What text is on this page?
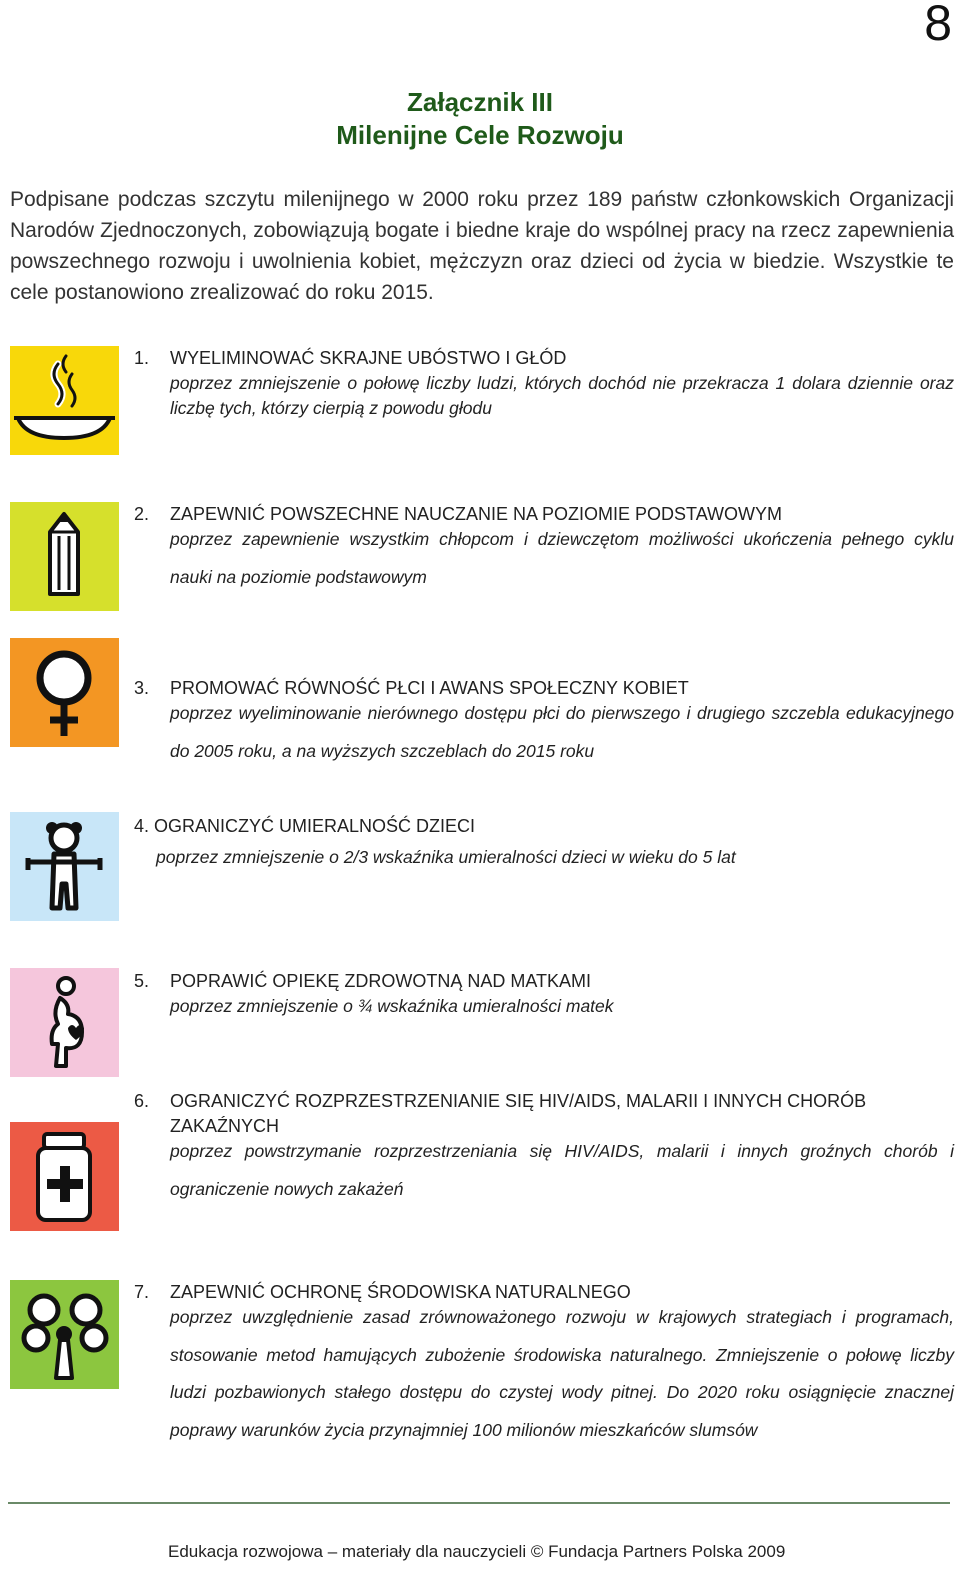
8
Załącznik III
Milenijne Cele Rozwoju
Podpisane podczas szczytu milenijnego w 2000 roku przez 189 państw członkowskich Organizacji Narodów Zjednoczonych, zobowiązują bogate i biedne kraje do wspólnej pracy na rzecz zapewnienia powszechnego rozwoju i uwolnienia kobiet, mężczyzn oraz dzieci od życia w biedzie. Wszystkie te cele postanowiono zrealizować do roku 2015.
1. WYELIMINOWAĆ SKRAJNE UBÓSTWO I GŁÓD
poprzez zmniejszenie o połowę liczby ludzi, których dochód nie przekracza 1 dolara dziennie oraz liczbę tych, którzy cierpią z powodu głodu
2. ZAPEWNIĆ POWSZECHNE NAUCZANIE NA POZIOMIE PODSTAWOWYM
poprzez zapewnienie wszystkim chłopcom i dziewczętom możliwości ukończenia pełnego cyklu nauki na poziomie podstawowym
3. PROMOWAĆ RÓWNOŚĆ PŁCI I AWANS SPOŁECZNY KOBIET
poprzez wyeliminowanie nierównego dostępu płci do pierwszego i drugiego szczebla edukacyjnego do 2005 roku, a na wyższych szczeblach do 2015 roku
4. OGRANICZYĆ UMIERALNOŚĆ DZIECI
poprzez zmniejszenie o 2/3 wskaźnika umieralności dzieci w wieku do 5 lat
5. POPRAWIĆ OPIEKĘ ZDROWOTNĄ NAD MATKAMI
poprzez zmniejszenie o ¾ wskaźnika umieralności matek
6. OGRANICZYĆ ROZPRZESTRZENIANIE SIĘ HIV/AIDS, MALARII I INNYCH CHORÓB ZAKAŹNYCH
poprzez powstrzymanie rozprzestrzeniania się HIV/AIDS, malarii i innych groźnych chorób i ograniczenie nowych zakażeń
7. ZAPEWNIĆ OCHRONĘ ŚRODOWISKA NATURALNEGO
poprzez uwzględnienie zasad zrównoważonego rozwoju w krajowych strategiach i programach, stosowanie metod hamujących zubożenie środowiska naturalnego. Zmniejszenie o połowę liczby ludzi pozbawionych stałego dostępu do czystej wody pitnej. Do 2020 roku osiągnięcie znacznej poprawy warunków życia przynajmniej 100 milionów mieszkańców slumsów
Edukacja rozwojowa – materiały dla nauczycieli © Fundacja Partners Polska 2009
